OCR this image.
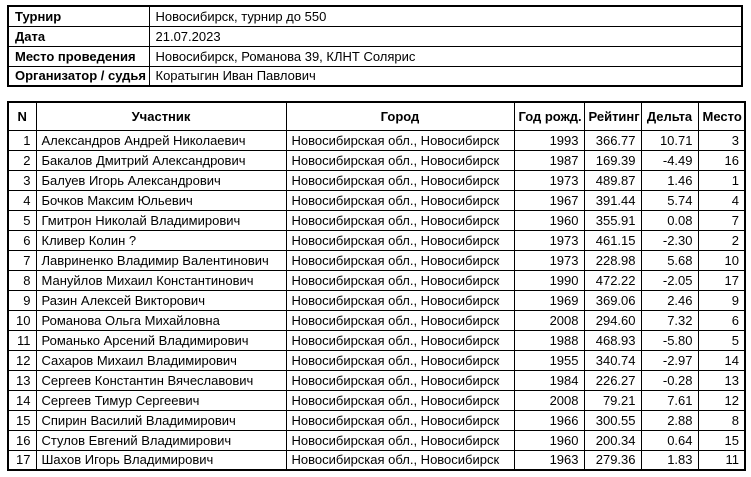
Турнир	Новосибирск, турнир до 550
Дата	21.07.2023
Место проведения	Новосибирск, Романова 39, КЛНТ Солярис
Организатор / судья	Коратыгин Иван Павлович
N	Участник	Город	Год рожд.	Рейтинг	Дельта	Место
1	Александров Андрей Николаевич	Новосибирская обл., Новосибирск	1993	366.77	10.71	3
2	Бакалов Дмитрий Александрович	Новосибирская обл., Новосибирск	1987	169.39	-4.49	16
3	Балуев Игорь Александрович	Новосибирская обл., Новосибирск	1973	489.87	1.46	1
4	Бочков Максим Юльевич	Новосибирская обл., Новосибирск	1967	391.44	5.74	4
5	Гмитрон Николай Владимирович	Новосибирская обл., Новосибирск	1960	355.91	0.08	7
6	Кливер Колин ?	Новосибирская обл., Новосибирск	1973	461.15	-2.30	2
7	Лавриненко Владимир Валентинович	Новосибирская обл., Новосибирск	1973	228.98	5.68	10
8	Мануйлов Михаил Константинович	Новосибирская обл., Новосибирск	1990	472.22	-2.05	17
9	Разин Алексей Викторович	Новосибирская обл., Новосибирск	1969	369.06	2.46	9
10	Романова Ольга Михайловна	Новосибирская обл., Новосибирск	2008	294.60	7.32	6
11	Романько Арсений Владимирович	Новосибирская обл., Новосибирск	1988	468.93	-5.80	5
12	Сахаров Михаил Владимирович	Новосибирская обл., Новосибирск	1955	340.74	-2.97	14
13	Сергеев Константин Вячеславович	Новосибирская обл., Новосибирск	1984	226.27	-0.28	13
14	Сергеев Тимур Сергеевич	Новосибирская обл., Новосибирск	2008	79.21	7.61	12
15	Спирин Василий Владимирович	Новосибирская обл., Новосибирск	1966	300.55	2.88	8
16	Стулов Евгений Владимирович	Новосибирская обл., Новосибирск	1960	200.34	0.64	15
17	Шахов Игорь Владимирович	Новосибирская обл., Новосибирск	1963	279.36	1.83	11
